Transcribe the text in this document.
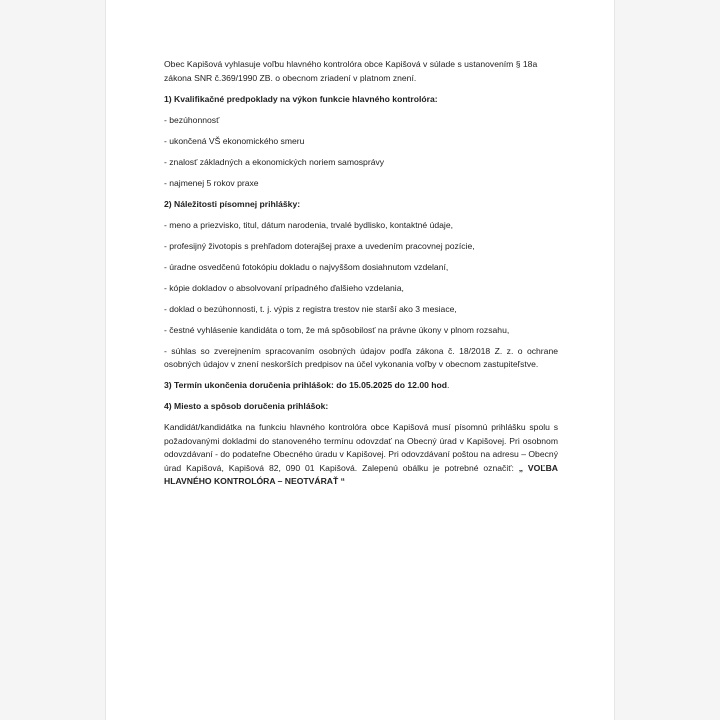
Obec Kapišová vyhlasuje voľbu hlavného kontrolóra obce Kapišová v súlade s ustanovením § 18a zákona SNR č.369/1990 ZB. o obecnom zriadení v platnom znení.
1) Kvalifikačné predpoklady na výkon funkcie hlavného kontrolóra:
- bezúhonnosť
- ukončená VŠ ekonomického smeru
- znalosť základných a ekonomických noriem samosprávy
- najmenej 5 rokov praxe
2) Náležitosti písomnej prihlášky:
- meno a priezvisko, titul, dátum narodenia, trvalé bydlisko, kontaktné údaje,
- profesijný životopis s prehľadom doterajšej praxe a uvedením pracovnej pozície,
- úradne osvedčenú fotokópiu dokladu o najvyššom dosiahnutom vzdelaní,
- kópie dokladov o absolvovaní prípadného ďalšieho vzdelania,
- doklad o bezúhonnosti, t. j. výpis z registra trestov nie starší ako 3 mesiace,
- čestné vyhlásenie kandidáta o tom, že má spôsobilosť na právne úkony v plnom rozsahu,
- súhlas so zverejnením spracovaním osobných údajov podľa zákona č. 18/2018 Z. z. o ochrane osobných údajov v znení neskorších predpisov na účel vykonania voľby v obecnom zastupiteľstve.
3) Termín ukončenia doručenia prihlášok: do 15.05.2025 do 12.00 hod.
4) Miesto a spôsob doručenia prihlášok:
Kandidát/kandidátka na funkciu hlavného kontrolóra obce Kapišová musí písomnú prihlášku spolu s požadovanými dokladmi do stanoveného termínu odovzdať na Obecný úrad v Kapišovej. Pri osobnom odovzdávaní - do podateľne Obecného úradu v Kapišovej. Pri odovzdávaní poštou na adresu – Obecný úrad Kapišová, Kapišová 82, 090 01 Kapišová. Zalepenú obálku je potrebné označiť: „ VOĽBA HLAVNÉHO KONTROLÓRA – NEOTVÁRAŤ “
